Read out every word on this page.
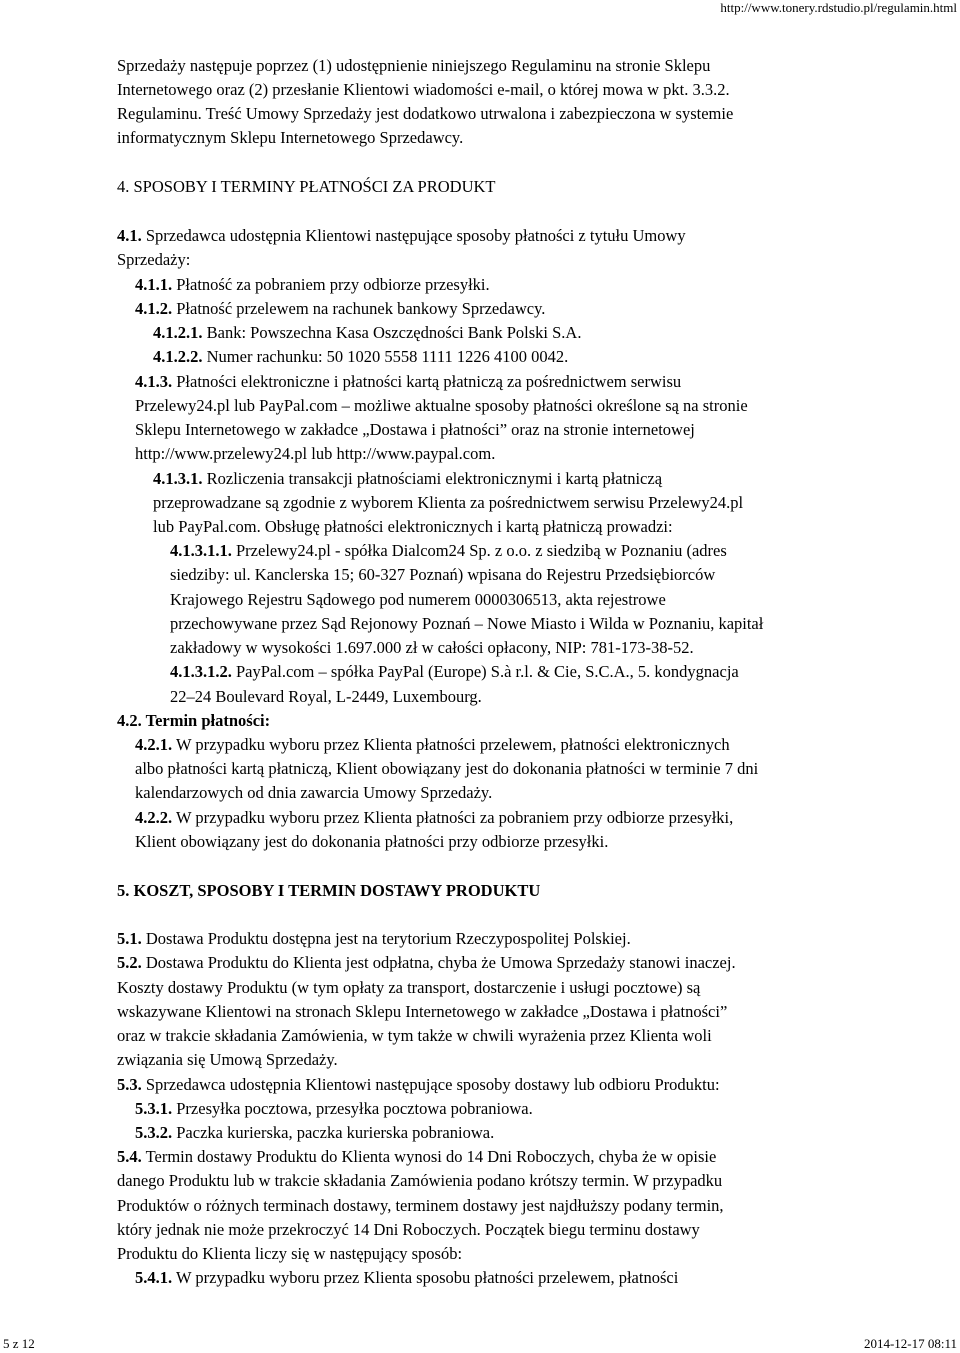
http://www.tonery.rdstudio.pl/regulamin.html
Sprzedaży następuje poprzez (1) udostępnienie niniejszego Regulaminu na stronie Sklepu
Internetowego oraz (2) przesłanie Klientowi wiadomości e-mail, o której mowa w pkt. 3.3.2.
Regulaminu. Treść Umowy Sprzedaży jest dodatkowo utrwalona i zabezpieczona w systemie
informatycznym Sklepu Internetowego Sprzedawcy.
4. SPOSOBY I TERMINY PŁATNOŚCI ZA PRODUKT
4.1. Sprzedawca udostępnia Klientowi następujące sposoby płatności z tytułu Umowy
Sprzedaży:
4.1.1. Płatność za pobraniem przy odbiorze przesyłki.
4.1.2. Płatność przelewem na rachunek bankowy Sprzedawcy.
4.1.2.1. Bank: Powszechna Kasa Oszczędności Bank Polski S.A.
4.1.2.2. Numer rachunku: 50 1020 5558 1111 1226 4100 0042.
4.1.3. Płatności elektroniczne i płatności kartą płatniczą za pośrednictwem serwisu
Przelewy24.pl lub PayPal.com – możliwe aktualne sposoby płatności określone są na stronie
Sklepu Internetowego w zakładce „Dostawa i płatności” oraz na stronie internetowej
http://www.przelewy24.pl lub http://www.paypal.com.
4.1.3.1. Rozliczenia transakcji płatnościami elektronicznymi i kartą płatniczą
przeprowadzane są zgodnie z wyborem Klienta za pośrednictwem serwisu Przelewy24.pl
lub PayPal.com. Obsługę płatności elektronicznych i kartą płatniczą prowadzi:
4.1.3.1.1. Przelewy24.pl - spółka Dialcom24 Sp. z o.o. z siedzibą w Poznaniu (adres
siedziby: ul. Kanclerska 15; 60-327 Poznań) wpisana do Rejestru Przedsiębiorców
Krajowego Rejestru Sądowego pod numerem 0000306513, akta rejestrowe
przechowywane przez Sąd Rejonowy Poznań – Nowe Miasto i Wilda w Poznaniu, kapitał
zakładowy w wysokości 1.697.000 zł w całości opłacony, NIP: 781-173-38-52.
4.1.3.1.2. PayPal.com – spółka PayPal (Europe) S.à r.l. & Cie, S.C.A., 5. kondygnacja
22–24 Boulevard Royal, L-2449, Luxembourg.
4.2. Termin płatności:
4.2.1. W przypadku wyboru przez Klienta płatności przelewem, płatności elektronicznych
albo płatności kartą płatniczą, Klient obowiązany jest do dokonania płatności w terminie 7 dni
kalendarzowych od dnia zawarcia Umowy Sprzedaży.
4.2.2. W przypadku wyboru przez Klienta płatności za pobraniem przy odbiorze przesyłki,
Klient obowiązany jest do dokonania płatności przy odbiorze przesyłki.
5. KOSZT, SPOSOBY I TERMIN DOSTAWY PRODUKTU
5.1. Dostawa Produktu dostępna jest na terytorium Rzeczypospolitej Polskiej.
5.2. Dostawa Produktu do Klienta jest odpłatna, chyba że Umowa Sprzedaży stanowi inaczej.
Koszty dostawy Produktu (w tym opłaty za transport, dostarczenie i usługi pocztowe) są
wskazywane Klientowi na stronach Sklepu Internetowego w zakładce „Dostawa i płatności”
oraz w trakcie składania Zamówienia, w tym także w chwili wyrażenia przez Klienta woli
związania się Umową Sprzedaży.
5.3. Sprzedawca udostępnia Klientowi następujące sposoby dostawy lub odbioru Produktu:
5.3.1. Przesyłka pocztowa, przesyłka pocztowa pobraniowa.
5.3.2. Paczka kurierska, paczka kurierska pobraniowa.
5.4. Termin dostawy Produktu do Klienta wynosi do 14 Dni Roboczych, chyba że w opisie
danego Produktu lub w trakcie składania Zamówienia podano krótszy termin. W przypadku
Produktów o różnych terminach dostawy, terminem dostawy jest najdłuższy podany termin,
który jednak nie może przekroczyć 14 Dni Roboczych. Początek biegu terminu dostawy
Produktu do Klienta liczy się w następujący sposób:
5.4.1. W przypadku wyboru przez Klienta sposobu płatności przelewem, płatności
5 z 12	2014-12-17 08:11
